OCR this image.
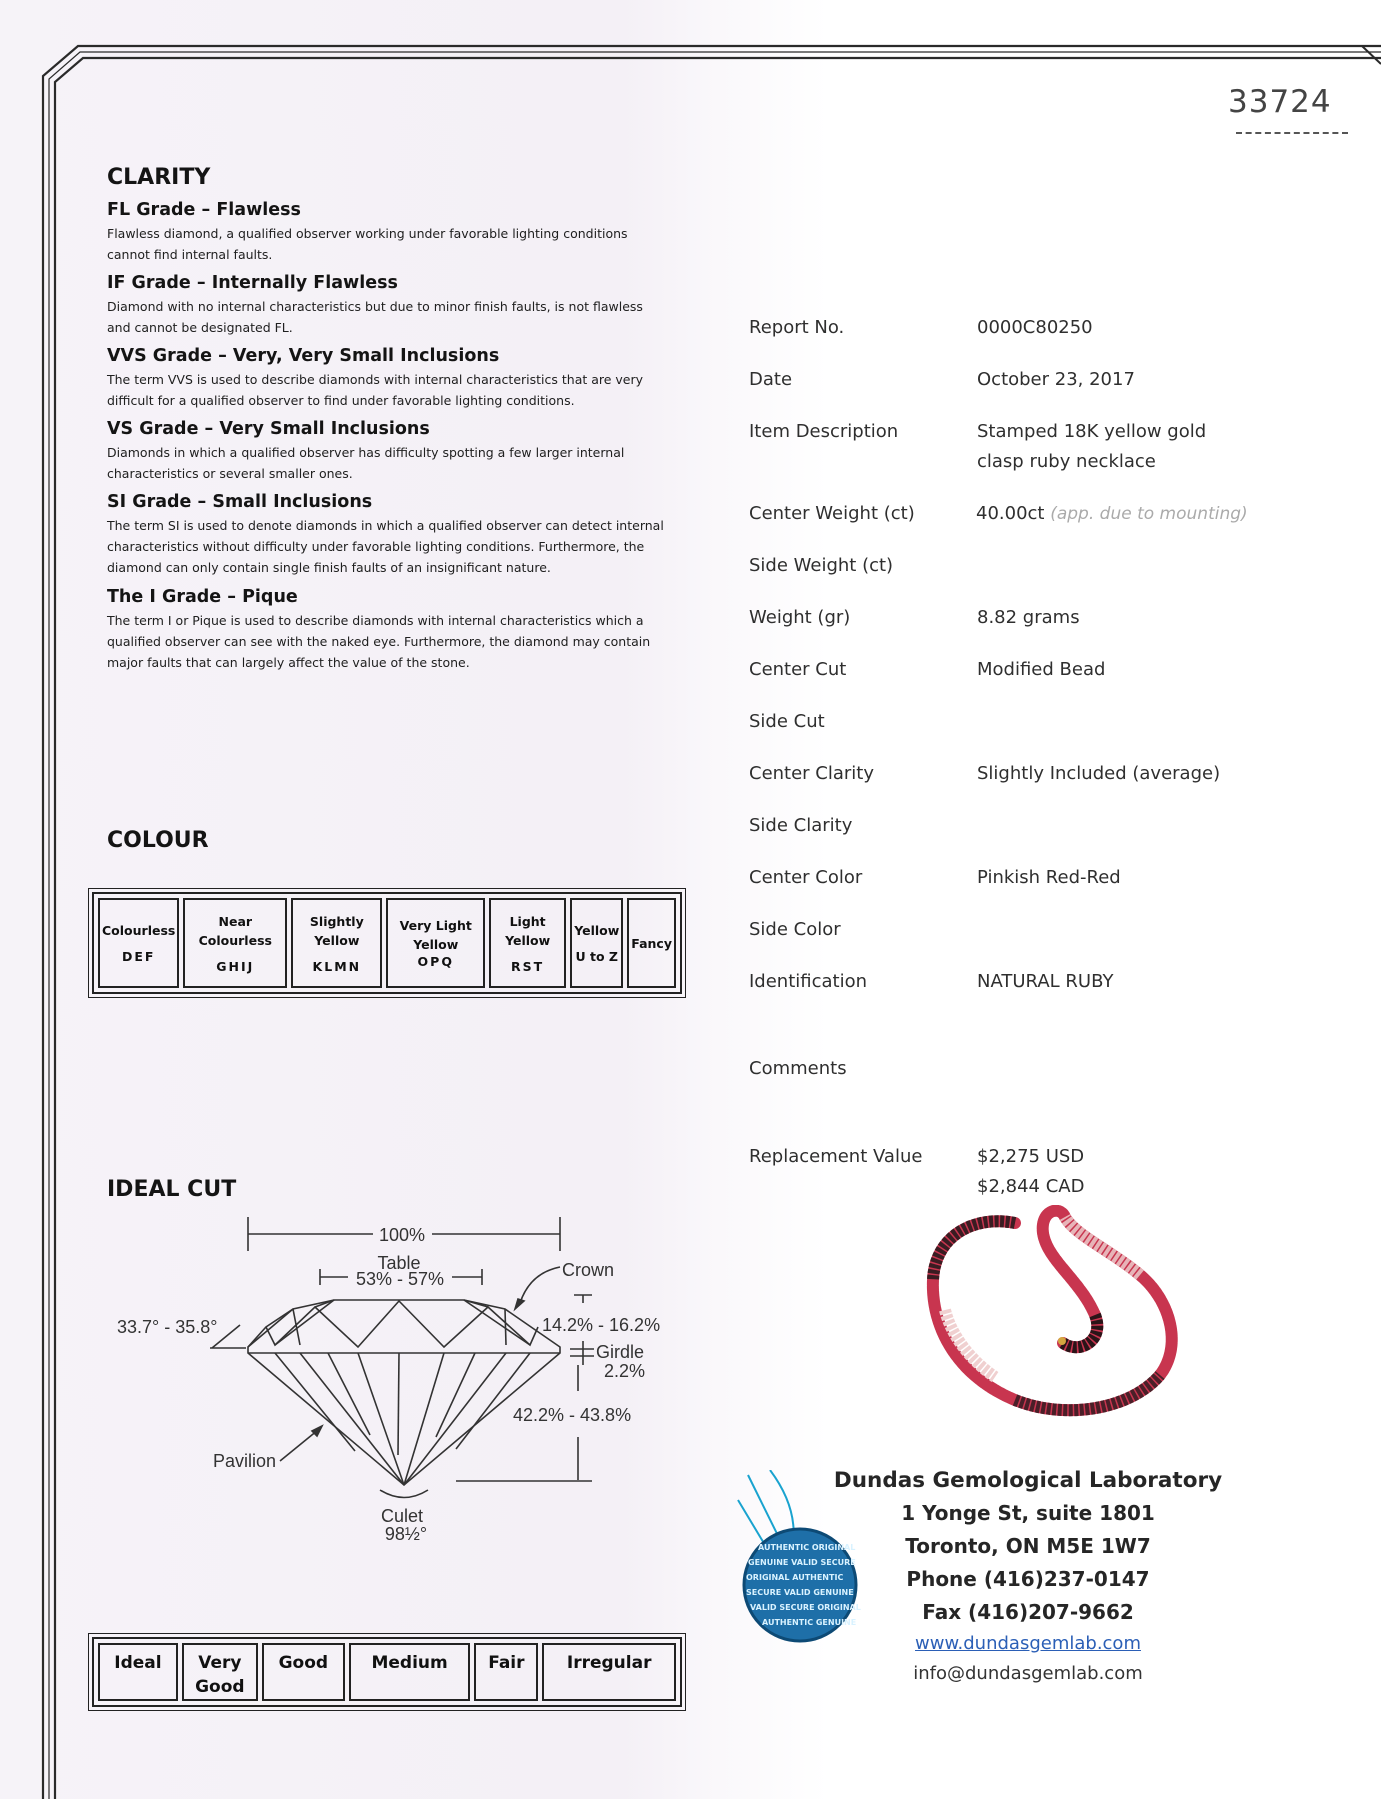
33724
CLARITY
FL Grade – Flawless

Flawless diamond, a qualified observer working under favorable lighting conditions cannot find internal faults.

IF Grade – Internally Flawless

Diamond with no internal characteristics but due to minor finish faults, is not flawless and cannot be designated FL.

VVS Grade – Very, Very Small Inclusions

The term VVS is used to describe diamonds with internal characteristics that are very difficult for a qualified observer to find under favorable lighting conditions.

VS Grade – Very Small Inclusions

Diamonds in which a qualified observer has difficulty spotting a few larger internal characteristics or several smaller ones.

SI Grade – Small Inclusions

The term SI is used to denote diamonds in which a qualified observer can detect internal characteristics without difficulty under favorable lighting conditions. Furthermore, the diamond can only contain single finish faults of an insignificant nature.

The I Grade – Pique

The term I or Pique is used to describe diamonds with internal characteristics which a qualified observer can see with the naked eye. Furthermore, the diamond may contain major faults that can largely affect the value of the stone.

COLOUR
Colourless
DEF

Near Colourless
GHIJ

Slightly Yellow
KLMN

Very Light Yellow
OPQ

Light Yellow
RST

Yellow
U to Z

Fancy
IDEAL CUT
100%
Table
53% - 57%	Crown
33.7° - 35.8°	14.2% - 16.2%
Girdle
2.2%
42.2% - 43.8%
Pavilion
Culet
98½°
Ideal	Very Good	Good	Medium	Fair	Irregular
Report No.	0000C80250
Date	October 23, 2017
Item Description	Stamped 18K yellow gold
clasp ruby necklace
Center Weight (ct)	40.00ct (app. due to mounting)
Side Weight (ct)
Weight (gr)	8.82 grams
Center Cut	Modified Bead
Side Cut
Center Clarity	Slightly Included (average)
Side Clarity
Center Color	Pinkish Red-Red
Side Color
Identification	NATURAL RUBY
Comments
Replacement Value	$2,275 USD
$2,844 CAD
AUTHENTIC ORIGINAL
GENUINE VALID SECURE
ORIGINAL AUTHENTIC
SECURE VALID GENUINE
VALID SECURE ORIGINAL
AUTHENTIC GENUINE
Dundas Gemological Laboratory
1 Yonge St, suite 1801
Toronto, ON M5E 1W7
Phone (416)237-0147
Fax (416)207-9662
www.dundasgemlab.com
info@dundasgemlab.com
